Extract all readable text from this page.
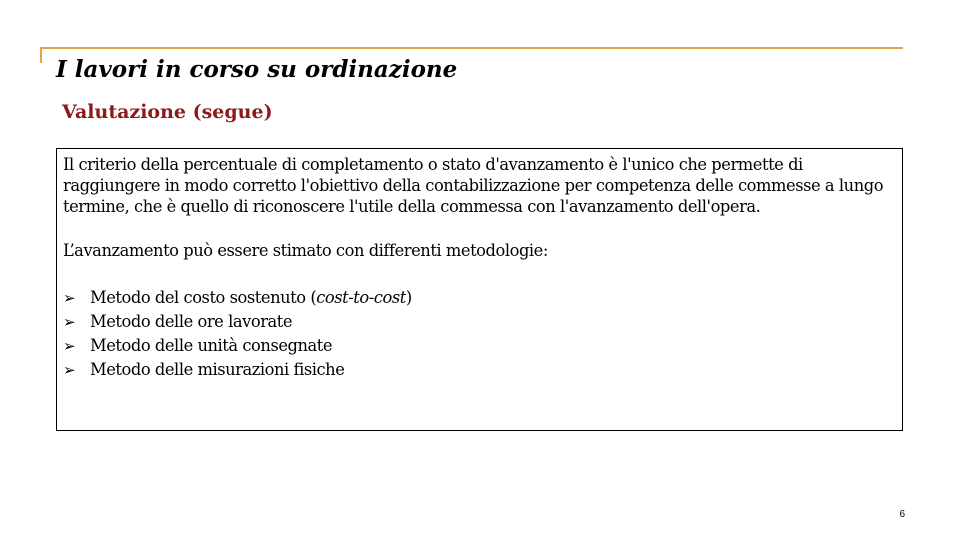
I lavori in corso su ordinazione
Valutazione (segue)

Il criterio della percentuale di completamento o stato d'avanzamento è l'unico che permette di raggiungere in modo corretto l'obiettivo della contabilizzazione per competenza delle commesse a lungo termine, che è quello di riconoscere l'utile della commessa con l'avanzamento dell'opera.

L’avanzamento può essere stimato con differenti metodologie:

➢ Metodo del costo sostenuto (cost-to-cost)
➢ Metodo delle ore lavorate
➢ Metodo delle unità consegnate
➢ Metodo delle misurazioni fisiche
6
